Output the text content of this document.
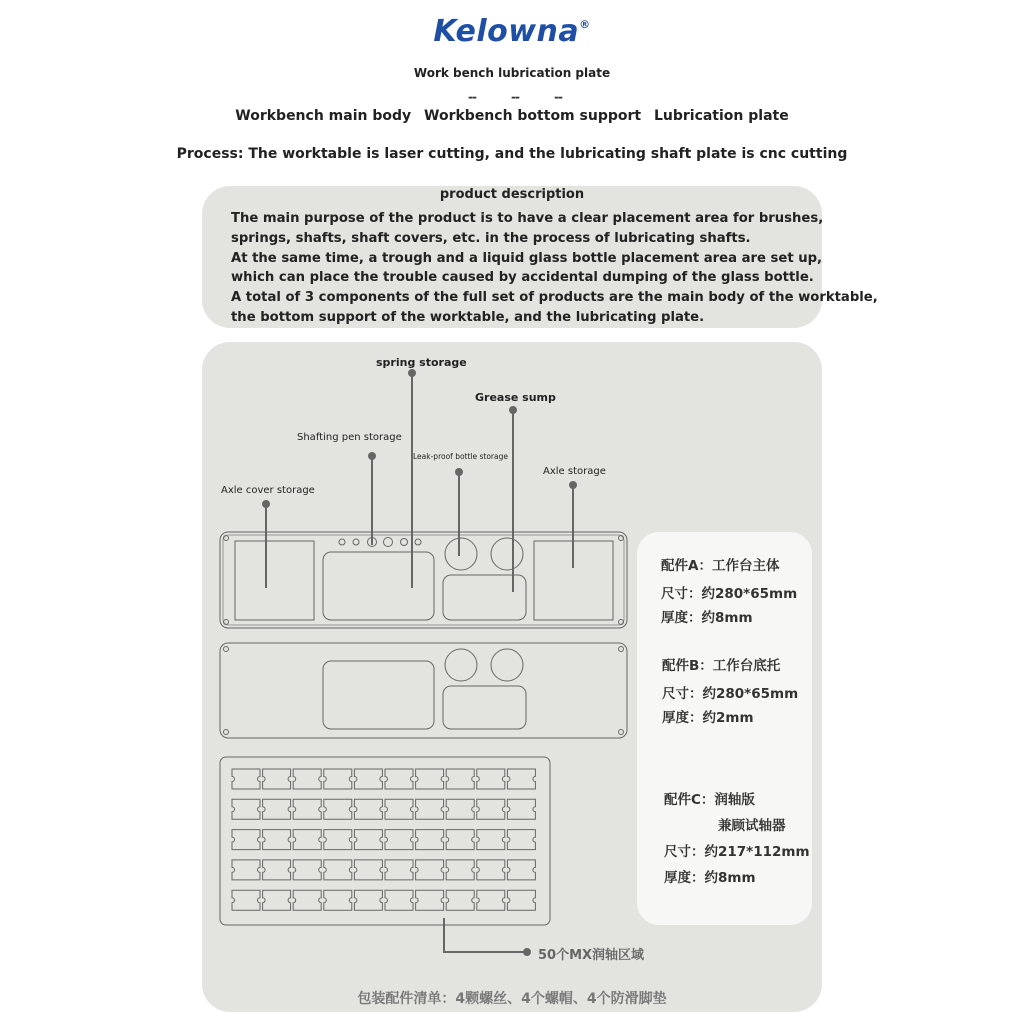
Kelowna®
Work bench lubrication plate
--	--	--
Workbench main body Workbench bottom support Lubrication plate
Process: The worktable is laser cutting, and the lubricating shaft plate is cnc cutting
product description
The main purpose of the product is to have a clear placement area for brushes,
springs, shafts, shaft covers, etc. in the process of lubricating shafts.
At the same time, a trough and a liquid glass bottle placement area are set up,
which can place the trouble caused by accidental dumping of the glass bottle.
A total of 3 components of the full set of products are the main body of the worktable,
the bottom support of the worktable, and the lubricating plate.
spring storage
Grease sump
Shafting pen storage
Leak-proof bottle storage
Axle storage
Axle cover storage
配件A：工作台主体
尺寸：约280*65mm
厚度：约8mm
配件B：工作台底托
尺寸：约280*65mm
厚度：约2mm
配件C：润轴版
兼顾试轴器
尺寸：约217*112mm
厚度：约8mm
50个MX润轴区域
包装配件清单：4颗螺丝、4个螺帽、4个防滑脚垫
